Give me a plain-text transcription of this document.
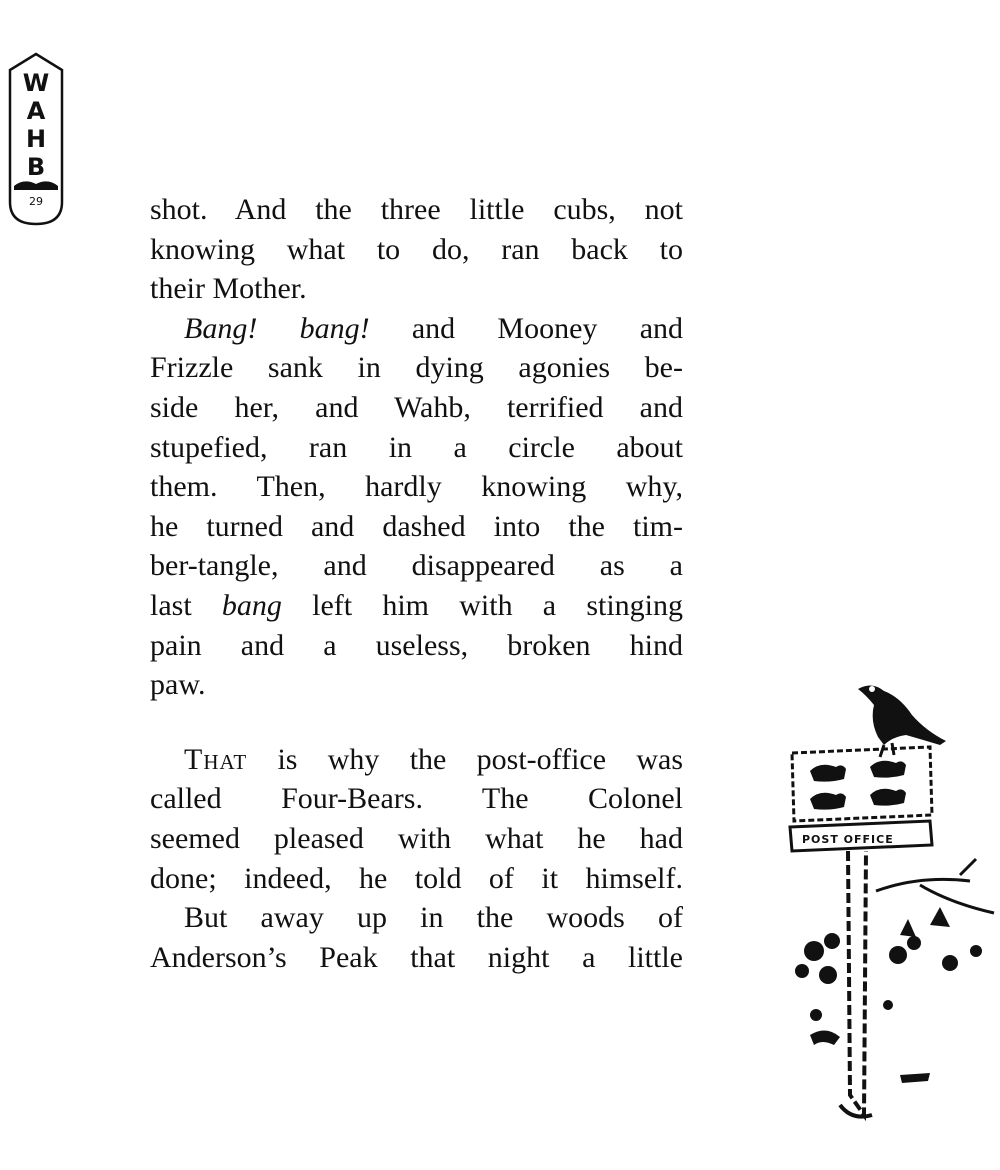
W
A
H
B
29	shot. And the three little cubs, not
knowing what to do, ran back to
their Mother.
Bang! bang! and Mooney and
Frizzle sank in dying agonies be-
side her, and Wahb, terrified and
stupefied, ran in a circle about
them. Then, hardly knowing why,
he turned and dashed into the tim-
ber-tangle, and disappeared as a
last bang left him with a stinging
pain and a useless, broken hind
paw.
That is why the post-office was
called Four-Bears. The Colonel
seemed pleased with what he had
done; indeed, he told of it himself.
But away up in the woods of
Anderson’s Peak that night a little
POST OFFICE
